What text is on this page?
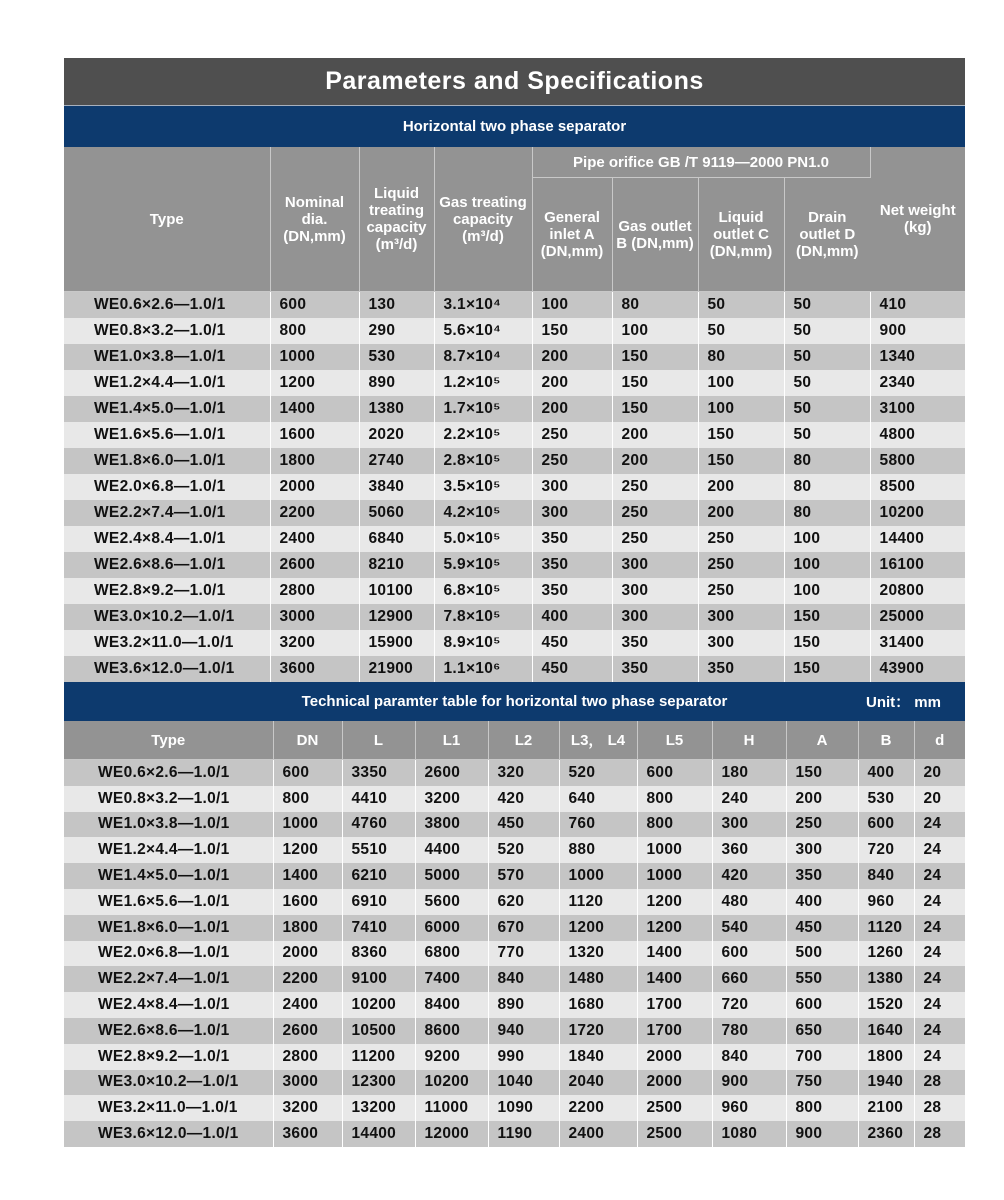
Parameters and Specifications
Horizontal two phase separator
Type	Nominal dia. (DN,mm)	Liquid treating capacity (m³/d)	Gas treating capacity (m³/d)	Pipe orifice GB /T 9119—2000 PN1.0				Net weight (kg)
				General inlet A (DN,mm)	Gas outlet B (DN,mm)	Liquid outlet C (DN,mm)	Drain outlet D (DN,mm)	
WE0.6×2.6—1.0/1	600	130	3.1×10⁴	100	80	50	50	410
WE0.8×3.2—1.0/1	800	290	5.6×10⁴	150	100	50	50	900
WE1.0×3.8—1.0/1	1000	530	8.7×10⁴	200	150	80	50	1340
WE1.2×4.4—1.0/1	1200	890	1.2×10⁵	200	150	100	50	2340
WE1.4×5.0—1.0/1	1400	1380	1.7×10⁵	200	150	100	50	3100
WE1.6×5.6—1.0/1	1600	2020	2.2×10⁵	250	200	150	50	4800
WE1.8×6.0—1.0/1	1800	2740	2.8×10⁵	250	200	150	80	5800
WE2.0×6.8—1.0/1	2000	3840	3.5×10⁵	300	250	200	80	8500
WE2.2×7.4—1.0/1	2200	5060	4.2×10⁵	300	250	200	80	10200
WE2.4×8.4—1.0/1	2400	6840	5.0×10⁵	350	250	250	100	14400
WE2.6×8.6—1.0/1	2600	8210	5.9×10⁵	350	300	250	100	16100
WE2.8×9.2—1.0/1	2800	10100	6.8×10⁵	350	300	250	100	20800
WE3.0×10.2—1.0/1	3000	12900	7.8×10⁵	400	300	300	150	25000
WE3.2×11.0—1.0/1	3200	15900	8.9×10⁵	450	350	300	150	31400
WE3.6×12.0—1.0/1	3600	21900	1.1×10⁶	450	350	350	150	43900
Technical paramter table for horizontal two phase separator	Unit： mm
Type	DN	L	L1	L2	L3， L4	L5	H	A	B	d
WE0.6×2.6—1.0/1	600	3350	2600	320	520	600	180	150	400	20
WE0.8×3.2—1.0/1	800	4410	3200	420	640	800	240	200	530	20
WE1.0×3.8—1.0/1	1000	4760	3800	450	760	800	300	250	600	24
WE1.2×4.4—1.0/1	1200	5510	4400	520	880	1000	360	300	720	24
WE1.4×5.0—1.0/1	1400	6210	5000	570	1000	1000	420	350	840	24
WE1.6×5.6—1.0/1	1600	6910	5600	620	1120	1200	480	400	960	24
WE1.8×6.0—1.0/1	1800	7410	6000	670	1200	1200	540	450	1120	24
WE2.0×6.8—1.0/1	2000	8360	6800	770	1320	1400	600	500	1260	24
WE2.2×7.4—1.0/1	2200	9100	7400	840	1480	1400	660	550	1380	24
WE2.4×8.4—1.0/1	2400	10200	8400	890	1680	1700	720	600	1520	24
WE2.6×8.6—1.0/1	2600	10500	8600	940	1720	1700	780	650	1640	24
WE2.8×9.2—1.0/1	2800	11200	9200	990	1840	2000	840	700	1800	24
WE3.0×10.2—1.0/1	3000	12300	10200	1040	2040	2000	900	750	1940	28
WE3.2×11.0—1.0/1	3200	13200	11000	1090	2200	2500	960	800	2100	28
WE3.6×12.0—1.0/1	3600	14400	12000	1190	2400	2500	1080	900	2360	28
